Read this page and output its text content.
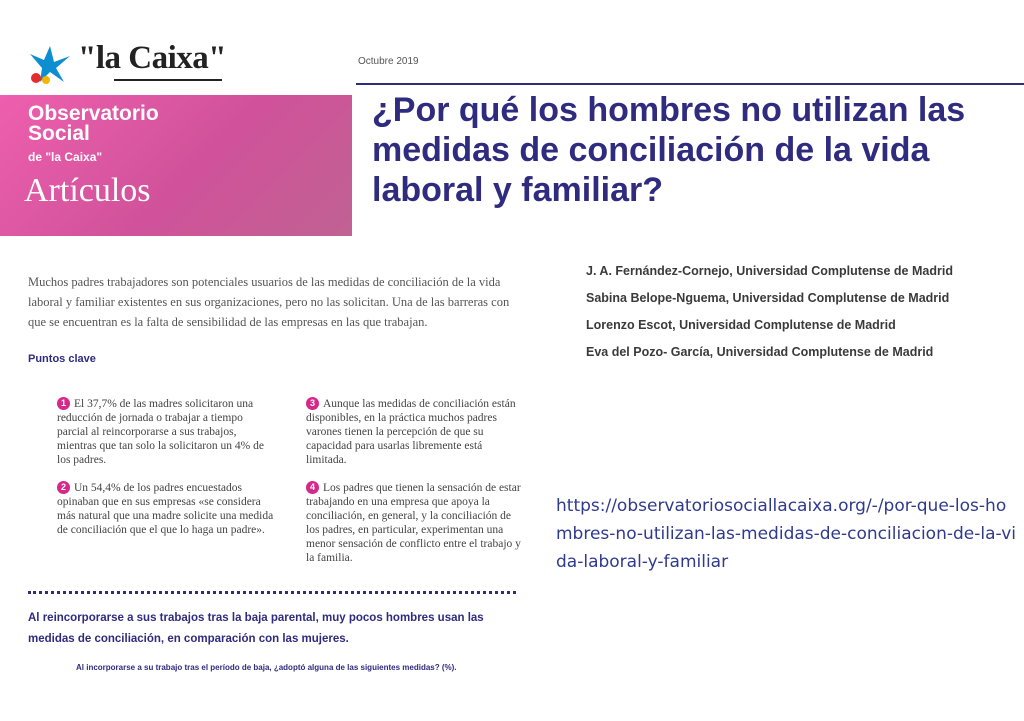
"la Caixa"	Octubre 2019
Observatorio Social
de "la Caixa"
Artículos
¿Por qué los hombres no utilizan las medidas de conciliación de la vida laboral y familiar?
Muchos padres trabajadores son potenciales usuarios de las medidas de conciliación de la vida laboral y familiar existentes en sus organizaciones, pero no las solicitan. Una de las barreras con que se encuentran es la falta de sensibilidad de las empresas en las que trabajan.
Puntos clave
1 El 37,7% de las madres solicitaron una reducción de jornada o trabajar a tiempo parcial al reincorporarse a sus trabajos, mientras que tan solo la solicitaron un 4% de los padres.
2 Un 54,4% de los padres encuestados opinaban que en sus empresas «se considera más natural que una madre solicite una medida de conciliación que el que lo haga un padre».
3 Aunque las medidas de conciliación están disponibles, en la práctica muchos padres varones tienen la percepción de que su capacidad para usarlas libremente está limitada.
4 Los padres que tienen la sensación de estar trabajando en una empresa que apoya la conciliación, en general, y la conciliación de los padres, en particular, experimentan una menor sensación de conflicto entre el trabajo y la familia.
Al reincorporarse a sus trabajos tras la baja parental, muy pocos hombres usan las medidas de conciliación, en comparación con las mujeres.
Al incorporarse a su trabajo tras el período de baja, ¿adoptó alguna de las siguientes medidas? (%).
J. A. Fernández-Cornejo, Universidad Complutense de Madrid
Sabina Belope-Nguema, Universidad Complutense de Madrid
Lorenzo Escot, Universidad Complutense de Madrid
Eva del Pozo- García, Universidad Complutense de Madrid
https://observatoriosociallacaixa.org/-/por-que-los-hombres-no-utilizan-las-medidas-de-conciliacion-de-la-vida-laboral-y-familiar
